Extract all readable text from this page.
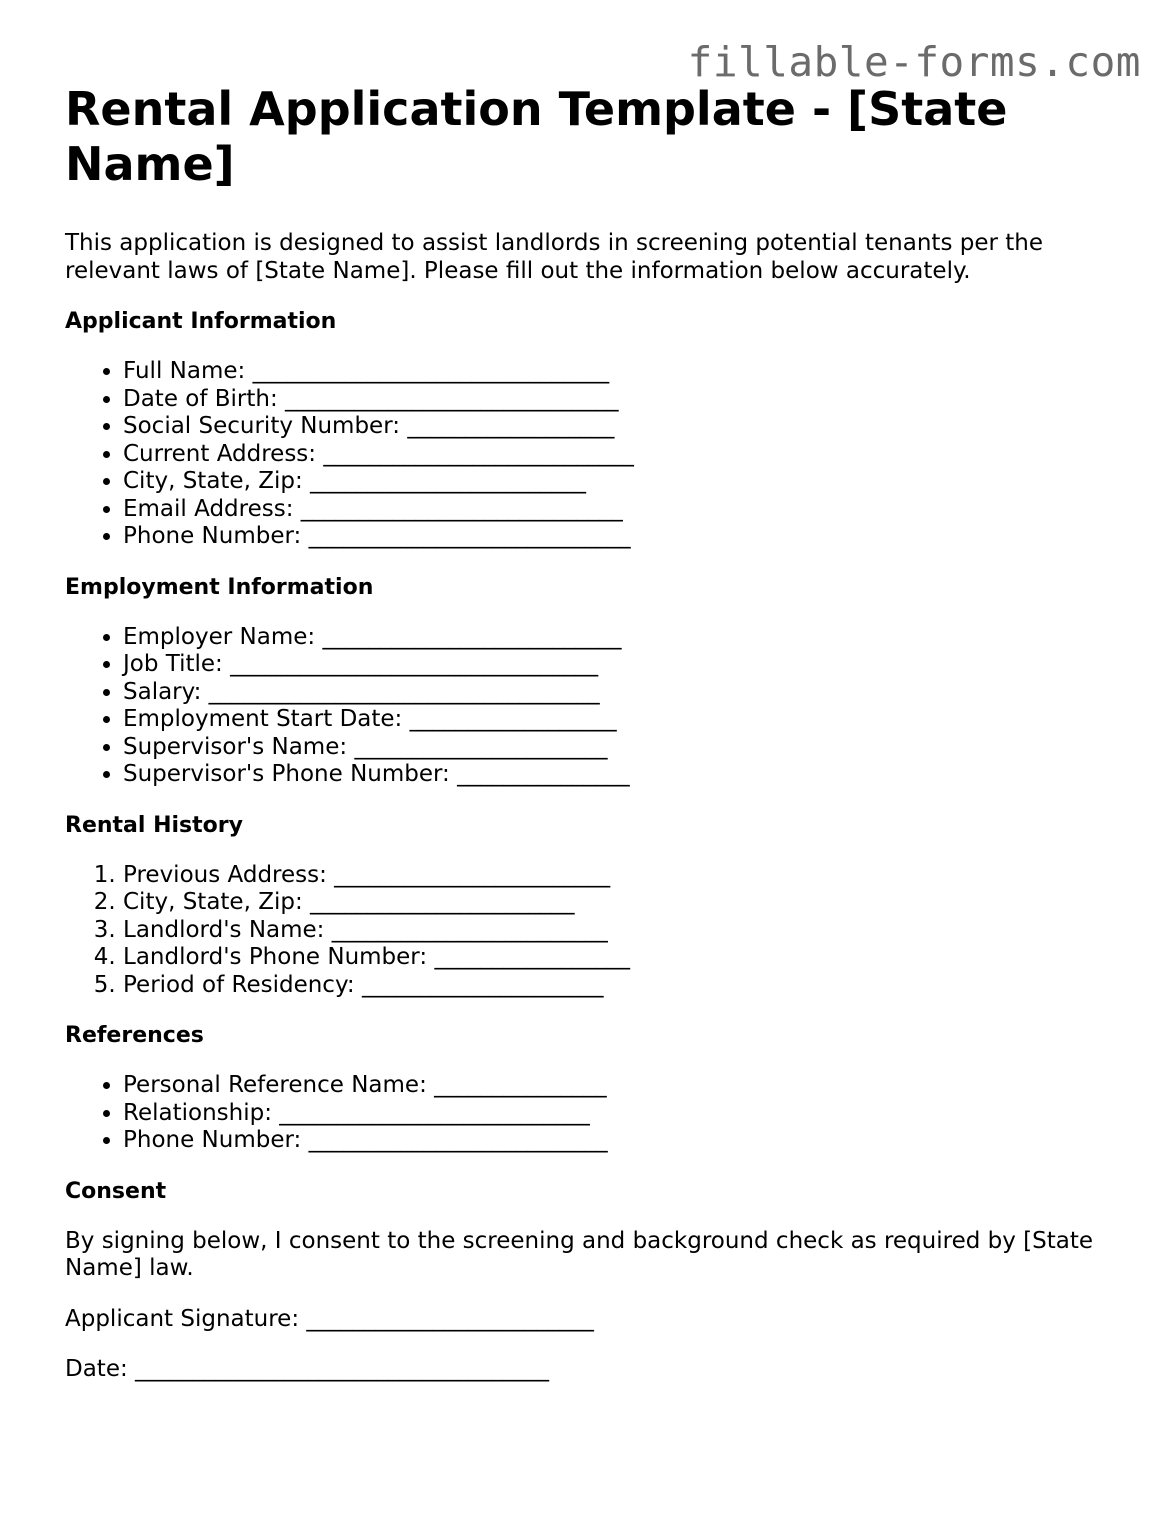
fillable-forms.com
Rental Application Template - [State Name]

This application is designed to assist landlords in screening potential tenants per the relevant laws of [State Name]. Please fill out the information below accurately.

Applicant Information
• Full Name: _______________________________
• Date of Birth: _____________________________
• Social Security Number: __________________
• Current Address: ___________________________
• City, State, Zip: ________________________
• Email Address: ____________________________
• Phone Number: ____________________________
Employment Information
• Employer Name: __________________________
• Job Title: ________________________________
• Salary: __________________________________
• Employment Start Date: __________________
• Supervisor's Name: ______________________
• Supervisor's Phone Number: _______________
Rental History
1. Previous Address: ________________________
2. City, State, Zip: _______________________
3. Landlord's Name: ________________________
4. Landlord's Phone Number: _________________
5. Period of Residency: _____________________
References
• Personal Reference Name: _______________
• Relationship: ___________________________
• Phone Number: __________________________
Consent

By signing below, I consent to the screening and background check as required by [State Name] law.

Applicant Signature: _________________________

Date: ____________________________________
